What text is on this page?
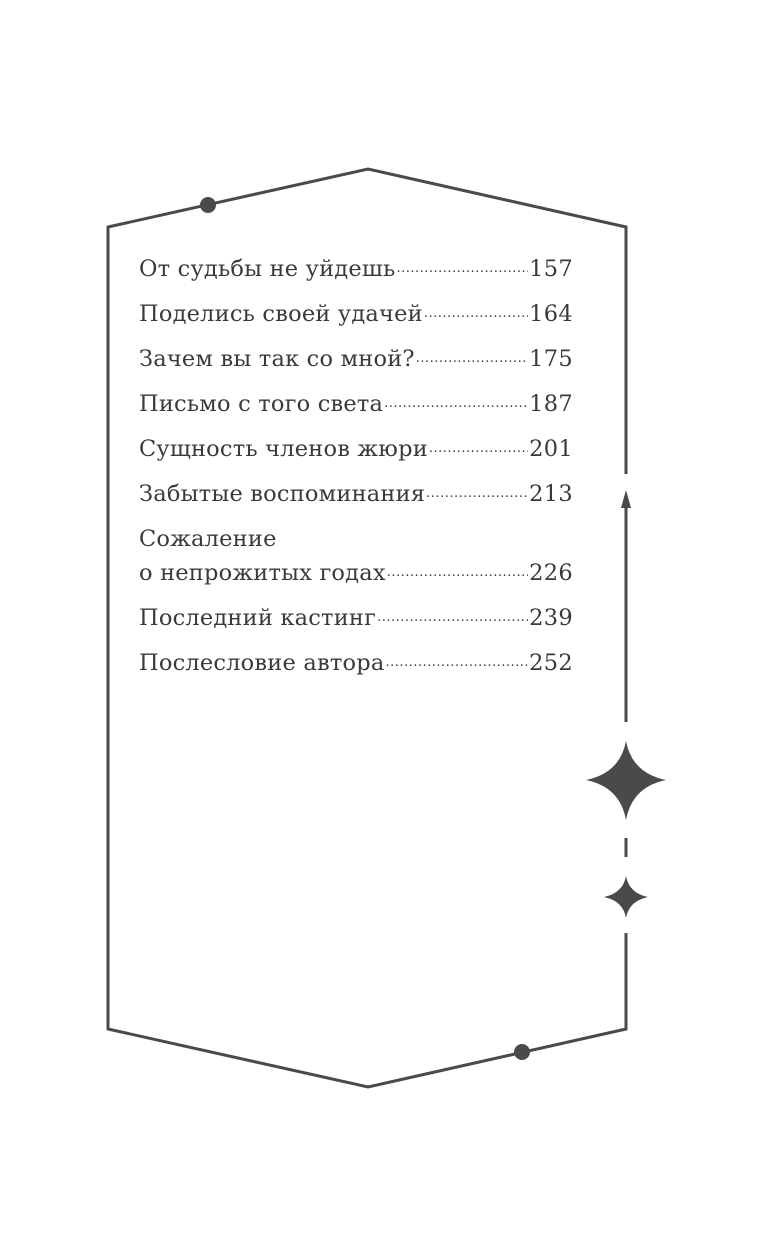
От судьбы не уйдешь .....	157
Поделись своей удачей .....	164
Зачем вы так со мной? .....	175
Письмо с того света .....	187
Сущность членов жюри .....	201
Забытые воспоминания .....	213
Сожаление
о непрожитых годах .....	226
Последний кастинг .....	239
Послесловие автора .....	252
